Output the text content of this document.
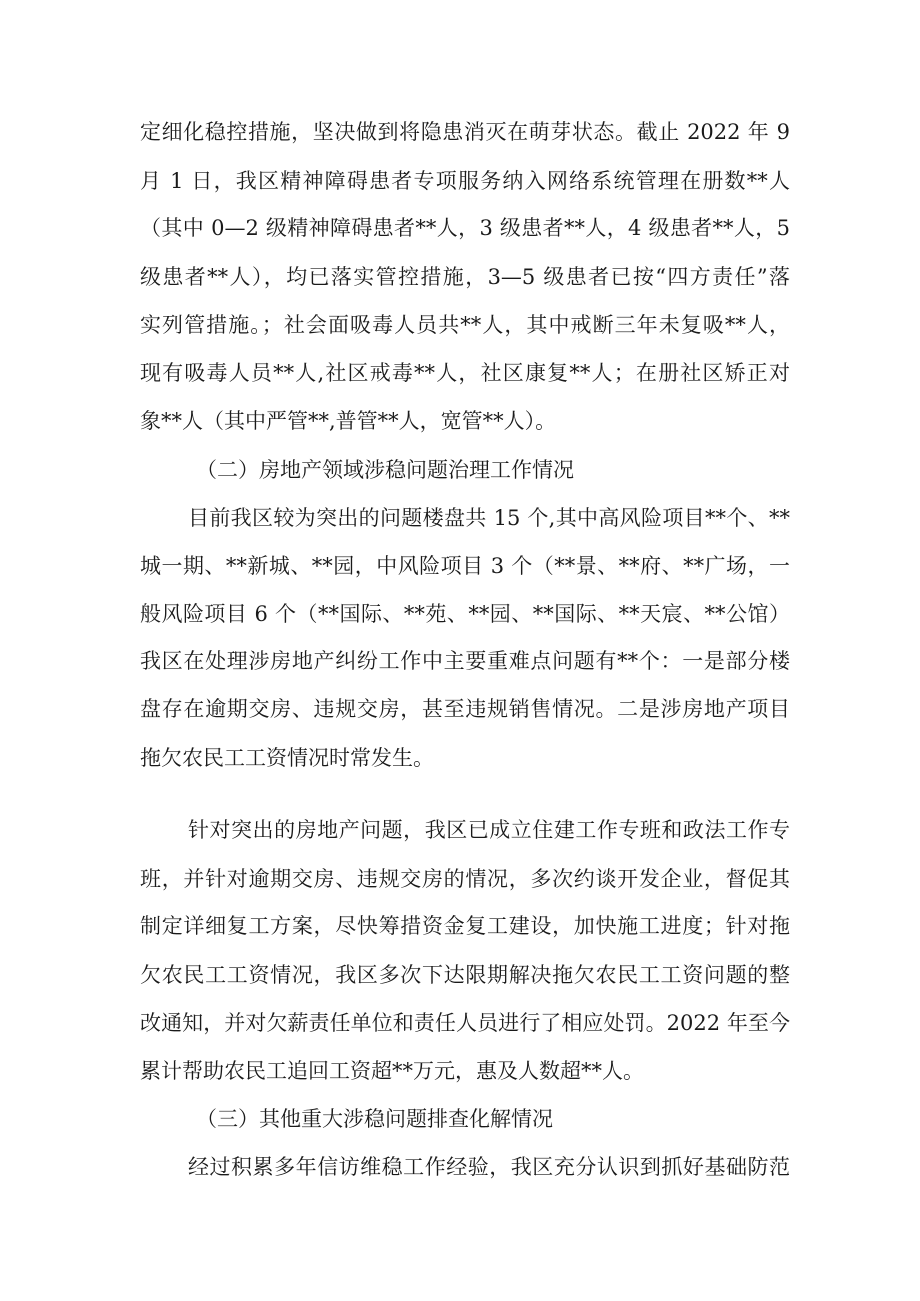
定细化稳控措施，坚决做到将隐患消灭在萌芽状态。截止 2022 年 9
月 1 日，我区精神障碍患者专项服务纳入网络系统管理在册数**人
（其中 0—2 级精神障碍患者**人，3 级患者**人，4 级患者**人，5
级患者**人），均已落实管控措施，3—5 级患者已按“四方责任”落
实列管措施。；社会面吸毒人员共**人，其中戒断三年未复吸**人，
现有吸毒人员**人,社区戒毒**人，社区康复**人；在册社区矫正对
象**人（其中严管**,普管**人，宽管**人）。
（二）房地产领域涉稳问题治理工作情况
目前我区较为突出的问题楼盘共 15 个,其中高风险项目**个、**
城一期、**新城、**园，中风险项目 3 个（**景、**府、**广场，一
般风险项目 6 个（**国际、**苑、**园、**国际、**天宸、**公馆）
我区在处理涉房地产纠纷工作中主要重难点问题有**个：一是部分楼
盘存在逾期交房、违规交房，甚至违规销售情况。二是涉房地产项目
拖欠农民工工资情况时常发生。
针对突出的房地产问题，我区已成立住建工作专班和政法工作专
班，并针对逾期交房、违规交房的情况，多次约谈开发企业，督促其
制定详细复工方案，尽快筹措资金复工建设，加快施工进度；针对拖
欠农民工工资情况，我区多次下达限期解决拖欠农民工工资问题的整
改通知，并对欠薪责任单位和责任人员进行了相应处罚。2022 年至今
累计帮助农民工追回工资超**万元，惠及人数超**人。
（三）其他重大涉稳问题排查化解情况
经过积累多年信访维稳工作经验，我区充分认识到抓好基础防范
